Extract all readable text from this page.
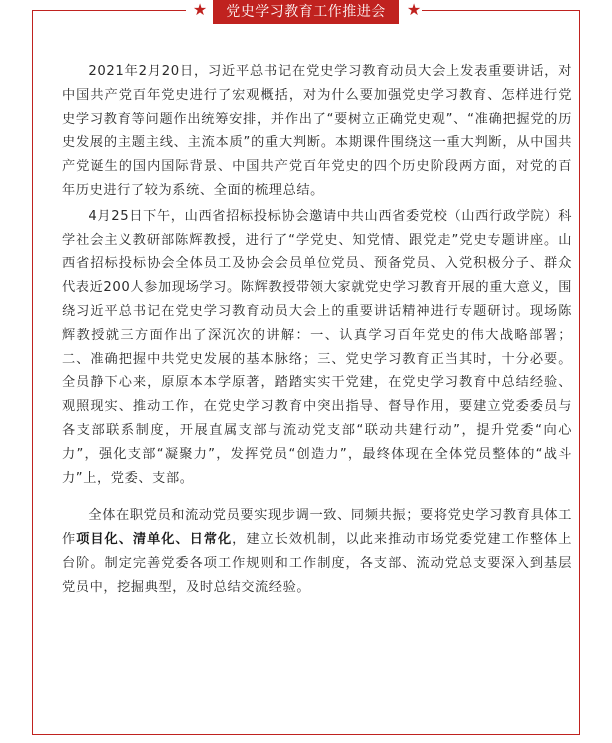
★	党史学习教育工作推进会	★

2021年2月20日，习近平总书记在党史学习教育动员大会上发表重要讲话，对中国共产党百年党史进行了宏观概括，对为什么要加强党史学习教育、怎样进行党史学习教育等问题作出统筹安排，并作出了“要树立正确党史观”、“准确把握党的历史发展的主题主线、主流本质”的重大判断。本期课件围绕这一重大判断，从中国共产党诞生的国内国际背景、中国共产党百年党史的四个历史阶段两方面，对党的百年历史进行了较为系统、全面的梳理总结。

4月25日下午，山西省招标投标协会邀请中共山西省委党校（山西行政学院）科学社会主义教研部陈辉教授，进行了“学党史、知党情、跟党走”党史专题讲座。山西省招标投标协会全体员工及协会会员单位党员、预备党员、入党积极分子、群众代表近200人参加现场学习。陈辉教授带领大家就党史学习教育开展的重大意义，围绕习近平总书记在党史学习教育动员大会上的重要讲话精神进行专题研讨。现场陈辉教授就三方面作出了深沉次的讲解：一、认真学习百年党史的伟大战略部署；二、准确把握中共党史发展的基本脉络；三、党史学习教育正当其时，十分必要。全员静下心来，原原本本学原著，踏踏实实干党建，在党史学习教育中总结经验、观照现实、推动工作，在党史学习教育中突出指导、督导作用，要建立党委委员与各支部联系制度，开展直属支部与流动党支部“联动共建行动”，提升党委“向心力”，强化支部“凝聚力”，发挥党员“创造力”，最终体现在全体党员整体的“战斗力”上，党委、支部。

全体在职党员和流动党员要实现步调一致、同频共振；要将党史学习教育具体工作项目化、清单化、日常化，建立长效机制，以此来推动市场党委党建工作整体上台阶。制定完善党委各项工作规则和工作制度，各支部、流动党总支要深入到基层党员中，挖掘典型，及时总结交流经验。
